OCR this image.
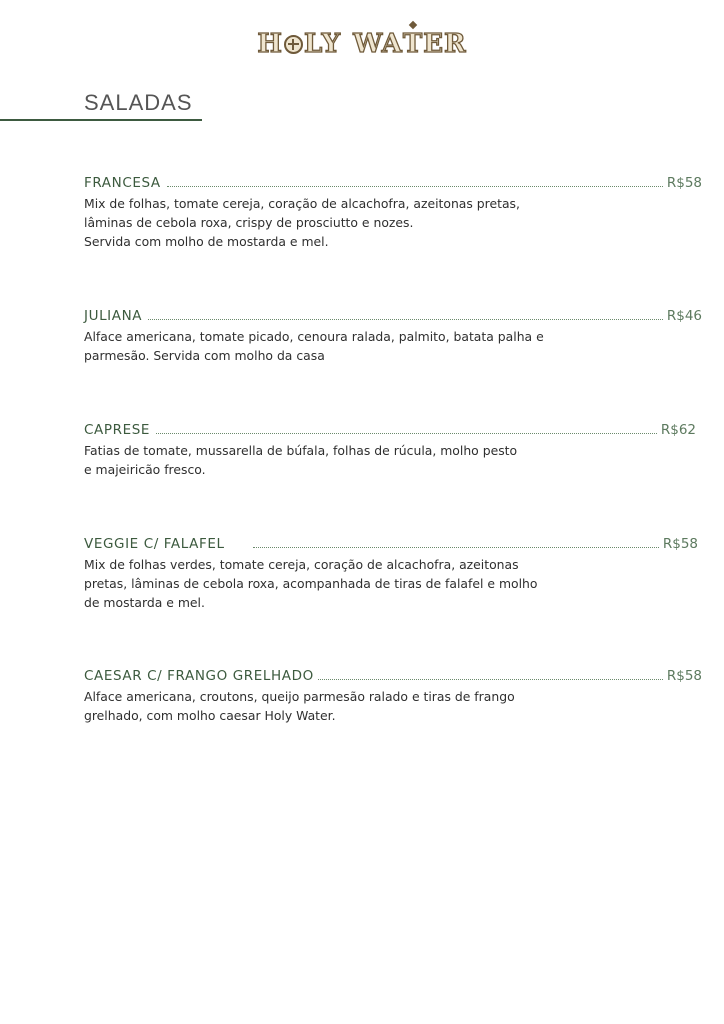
H LY WA T ER
SALADAS
FRANCESA	R$58
Mix de folhas, tomate cereja, coração de alcachofra, azeitonas pretas,
lâminas de cebola roxa, crispy de prosciutto e nozes.
Servida com molho de mostarda e mel.
JULIANA	R$46
Alface americana, tomate picado, cenoura ralada, palmito, batata palha e
parmesão. Servida com molho da casa
CAPRESE	R$62
Fatias de tomate, mussarella de búfala, folhas de rúcula, molho pesto
e majeiricão fresco.
VEGGIE C/ FALAFEL	R$58
Mix de folhas verdes, tomate cereja, coração de alcachofra, azeitonas
pretas, lâminas de cebola roxa, acompanhada de tiras de falafel e molho
de mostarda e mel.
CAESAR C/ FRANGO GRELHADO	R$58
Alface americana, croutons, queijo parmesão ralado e tiras de frango
grelhado, com molho caesar Holy Water.
